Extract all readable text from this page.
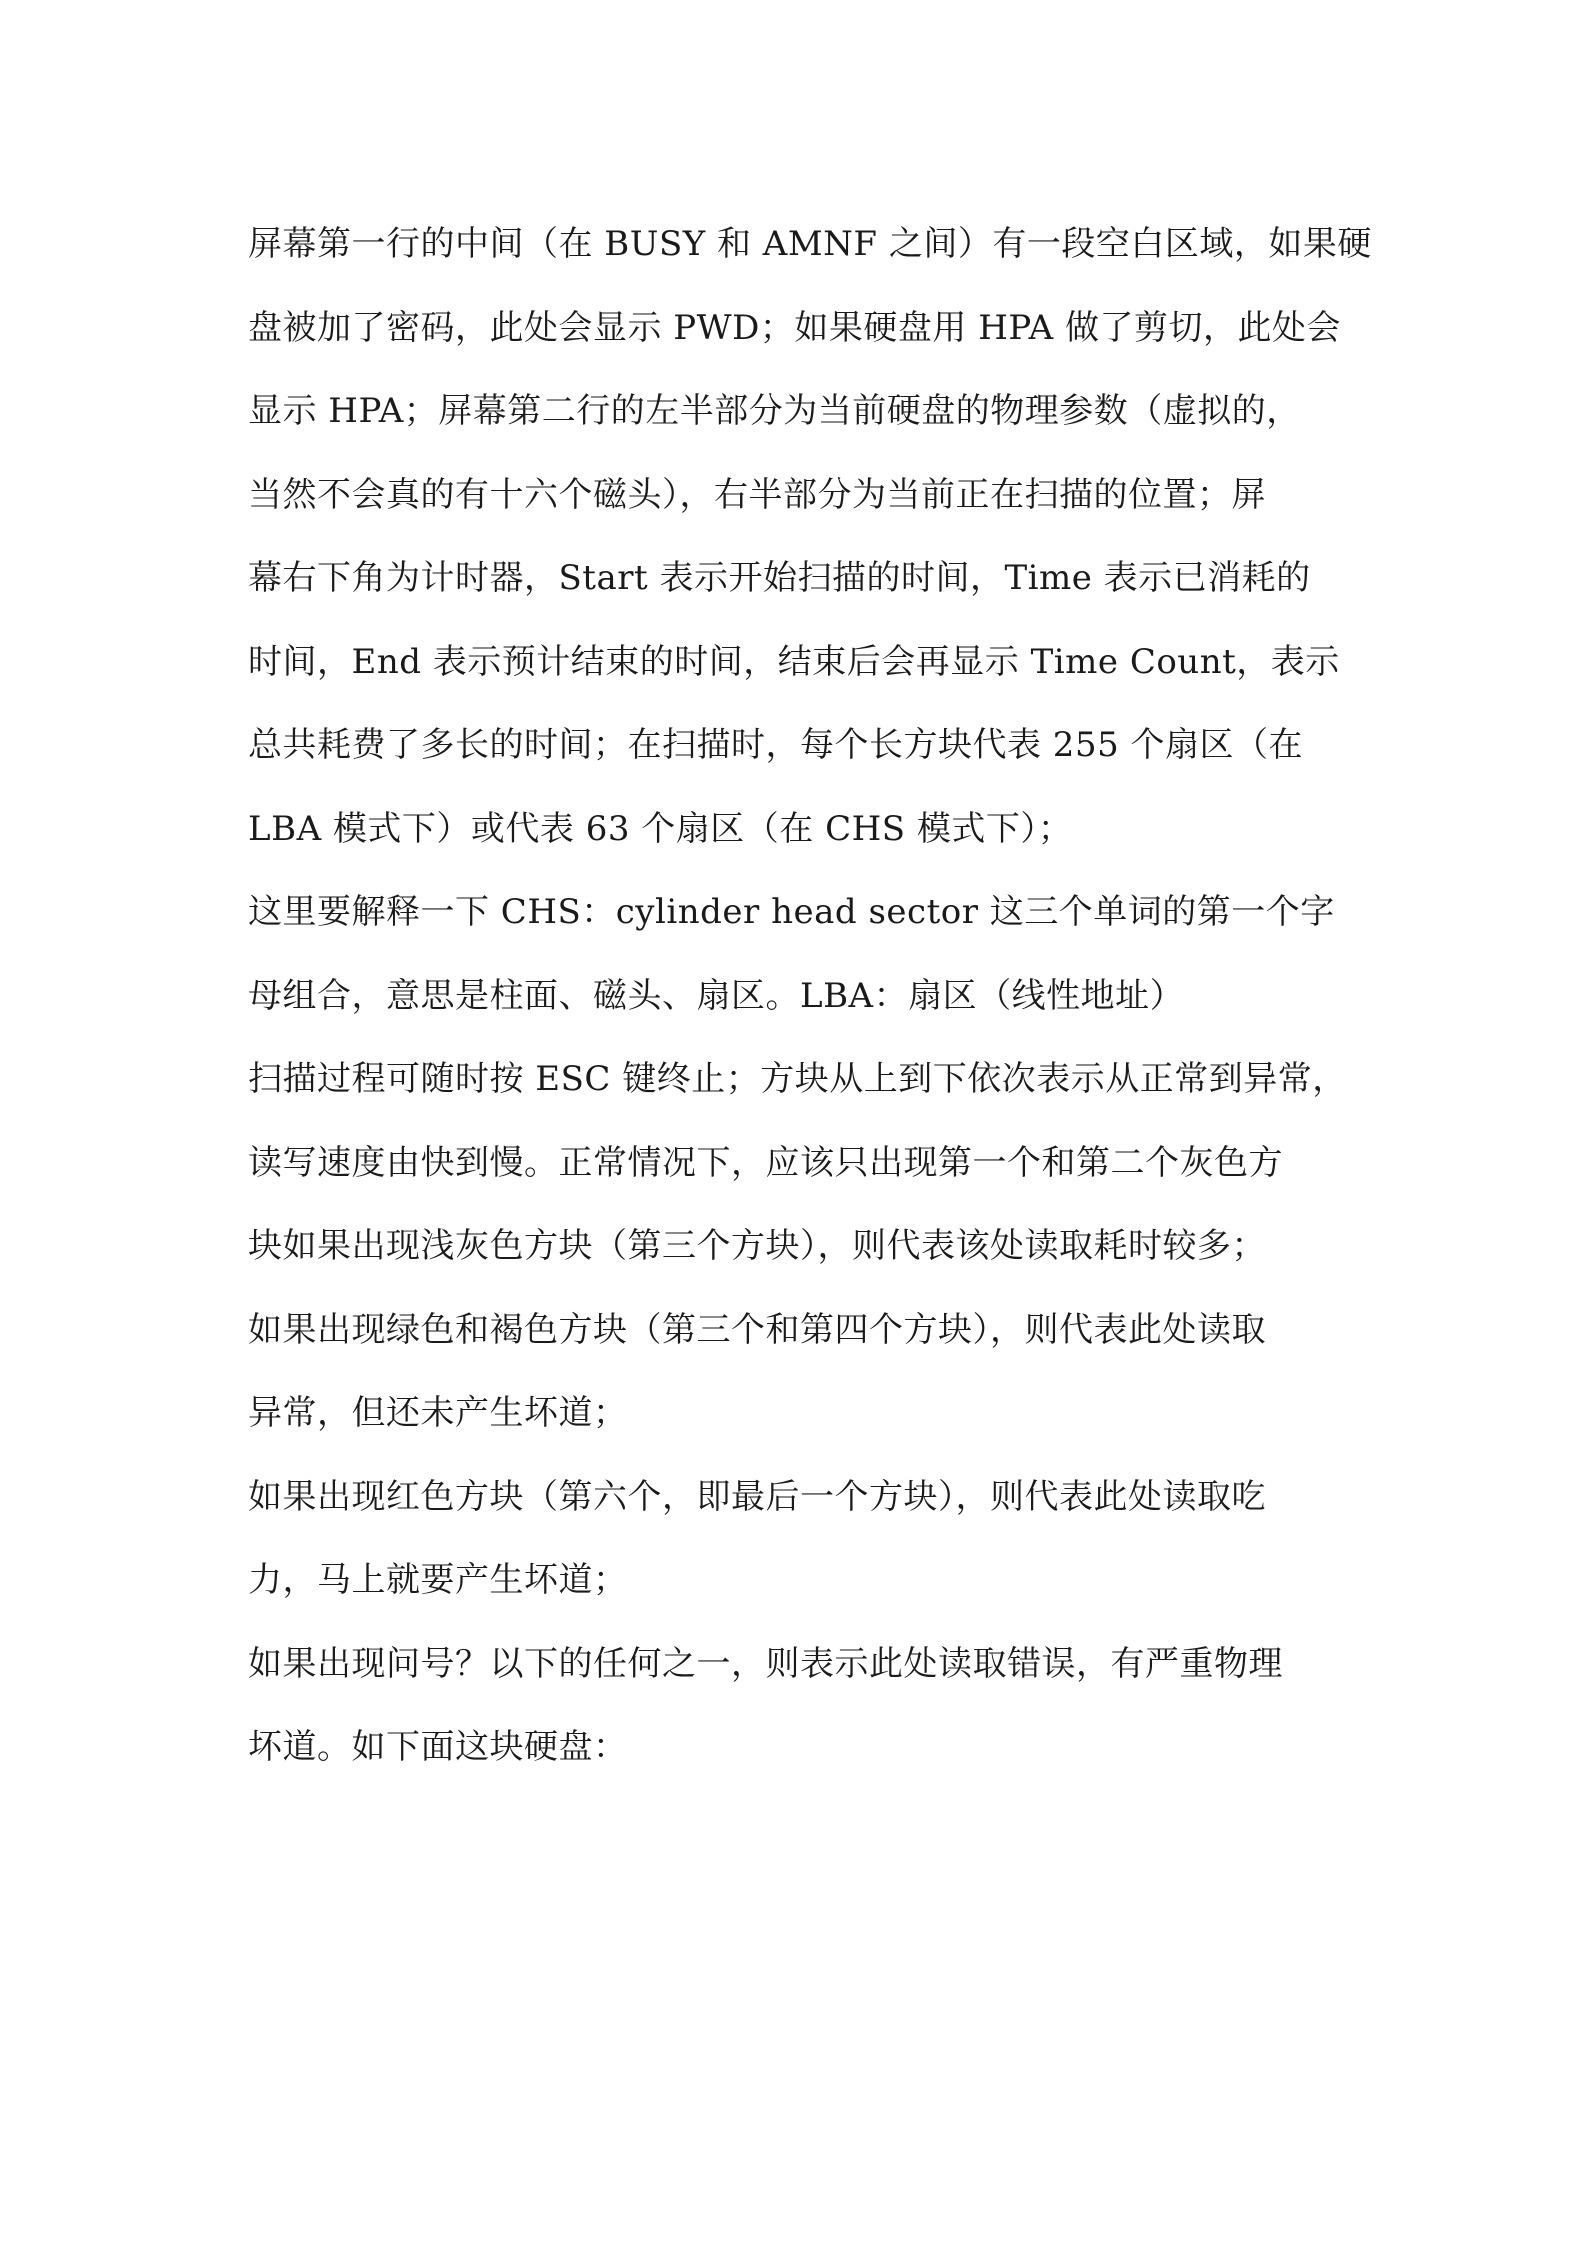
屏幕第一行的中间（在 BUSY 和 AMNF 之间）有一段空白区域，如果硬
盘被加了密码，此处会显示 PWD；如果硬盘用 HPA 做了剪切，此处会
显示 HPA；屏幕第二行的左半部分为当前硬盘的物理参数（虚拟的，
当然不会真的有十六个磁头），右半部分为当前正在扫描的位置；屏
幕右下角为计时器，Start 表示开始扫描的时间，Time 表示已消耗的
时间，End 表示预计结束的时间，结束后会再显示 Time Count，表示
总共耗费了多长的时间；在扫描时，每个长方块代表 255 个扇区（在
LBA 模式下）或代表 63 个扇区（在 CHS 模式下）；
这里要解释一下 CHS：cylinder head sector 这三个单词的第一个字
母组合，意思是柱面、磁头、扇区。LBA：扇区（线性地址）
扫描过程可随时按 ESC 键终止；方块从上到下依次表示从正常到异常，
读写速度由快到慢。正常情况下，应该只出现第一个和第二个灰色方
块如果出现浅灰色方块（第三个方块），则代表该处读取耗时较多；
如果出现绿色和褐色方块（第三个和第四个方块），则代表此处读取
异常，但还未产生坏道；
如果出现红色方块（第六个，即最后一个方块），则代表此处读取吃
力，马上就要产生坏道；
如果出现问号？以下的任何之一，则表示此处读取错误，有严重物理
坏道。如下面这块硬盘：
